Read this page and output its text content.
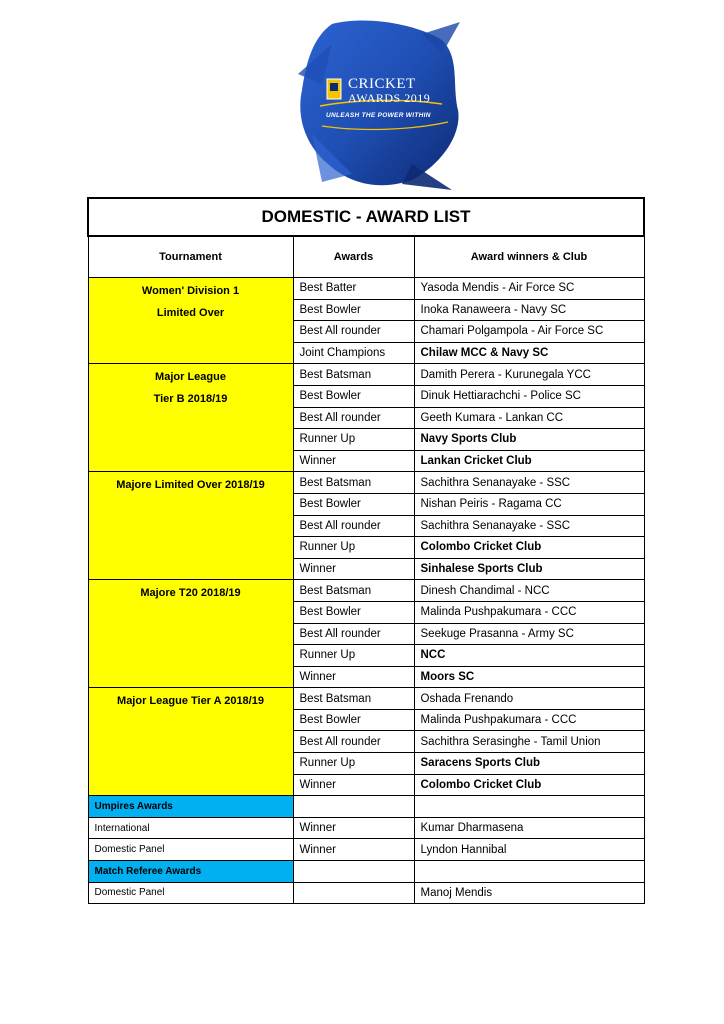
CRICKET
AWARDS 2019
UNLEASH THE POWER WITHIN
DOMESTIC - AWARD LIST		
Tournament	Awards	Award winners & Club

Women' Division 1
Limited Over	Best Batter	Yasoda Mendis - Air Force SC
	Best Bowler	Inoka Ranaweera - Navy SC
	Best All rounder	Chamari Polgampola - Air Force SC
	Joint Champions	Chilaw MCC & Navy SC

Major League
Tier B 2018/19	Best Batsman	Damith Perera - Kurunegala YCC
	Best Bowler	Dinuk Hettiarachchi - Police SC
	Best All rounder	Geeth Kumara - Lankan CC
	Runner Up	Navy Sports Club
	Winner	Lankan Cricket Club

Majore Limited Over 2018/19	Best Batsman	Sachithra Senanayake - SSC
	Best Bowler	Nishan Peiris - Ragama CC
	Best All rounder	Sachithra Senanayake - SSC
	Runner Up	Colombo Cricket Club
	Winner	Sinhalese Sports Club

Majore T20 2018/19	Best Batsman	Dinesh Chandimal - NCC
	Best Bowler	Malinda Pushpakumara - CCC
	Best All rounder	Seekuge Prasanna - Army SC
	Runner Up	NCC
	Winner	Moors SC

Major League Tier A 2018/19	Best Batsman	Oshada Frenando
	Best Bowler	Malinda Pushpakumara - CCC
	Best All rounder	Sachithra Serasinghe - Tamil Union
	Runner Up	Saracens Sports Club
	Winner	Colombo Cricket Club
Umpires Awards		
International	Winner	Kumar Dharmasena
Domestic Panel	Winner	Lyndon Hannibal
Match Referee Awards		
Domestic Panel		Manoj Mendis
